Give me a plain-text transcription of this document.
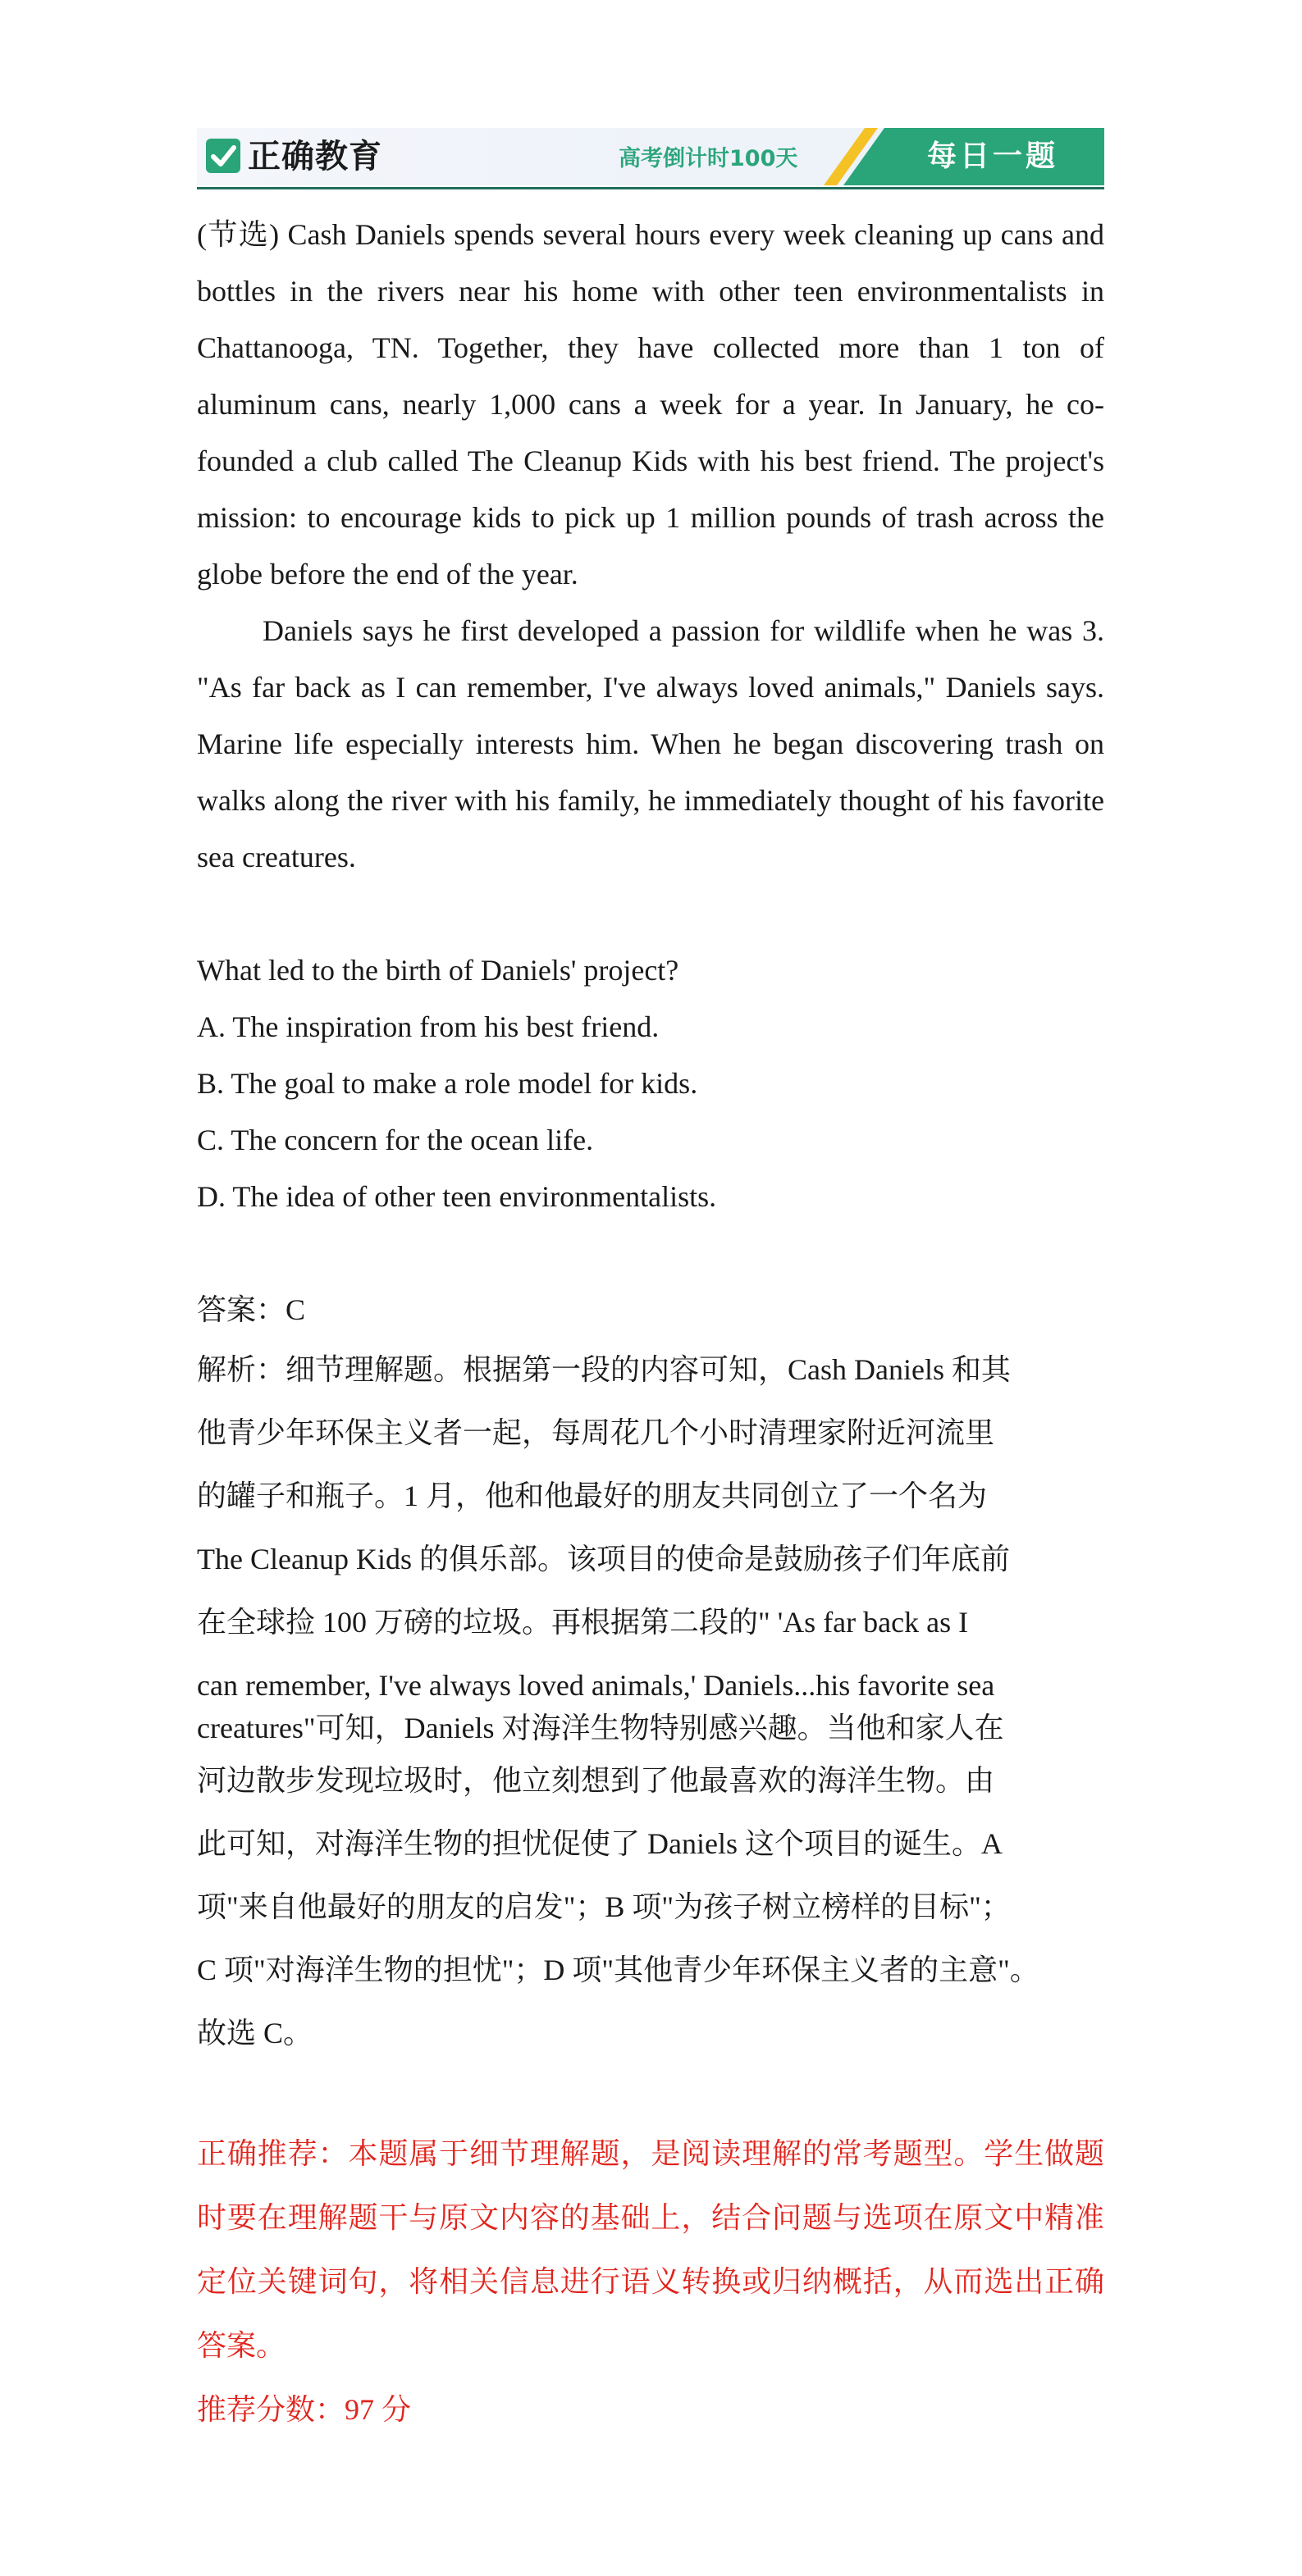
正确教育	高考倒计时100天	每日一题

(节选) Cash Daniels spends several hours every week cleaning up cans and bottles in the rivers near his home with other teen environmentalists in Chattanooga, TN. Together, they have collected more than 1 ton of aluminum cans, nearly 1,000 cans a week for a year. In January, he co-founded a club called The Cleanup Kids with his best friend. The project's mission: to encourage kids to pick up 1 million pounds of trash across the globe before the end of the year.

Daniels says he first developed a passion for wildlife when he was 3. "As far back as I can remember, I've always loved animals," Daniels says. Marine life especially interests him. When he began discovering trash on walks along the river with his family, he immediately thought of his favorite sea creatures.

What led to the birth of Daniels' project?
A. The inspiration from his best friend.
B. The goal to make a role model for kids.
C. The concern for the ocean life.
D. The idea of other teen environmentalists.
答案：C
解析：细节理解题。根据第一段的内容可知，Cash Daniels 和其
他青少年环保主义者一起，每周花几个小时清理家附近河流里
的罐子和瓶子。1 月，他和他最好的朋友共同创立了一个名为
The Cleanup Kids 的俱乐部。该项目的使命是鼓励孩子们年底前
在全球捡 100 万磅的垃圾。再根据第二段的" 'As far back as I
can remember, I've always loved animals,' Daniels...his favorite sea
creatures"可知，Daniels 对海洋生物特别感兴趣。当他和家人在
河边散步发现垃圾时，他立刻想到了他最喜欢的海洋生物。由
此可知，对海洋生物的担忧促使了 Daniels 这个项目的诞生。A
项"来自他最好的朋友的启发"；B 项"为孩子树立榜样的目标"；
C 项"对海洋生物的担忧"；D 项"其他青少年环保主义者的主意"。
故选 C。
正确推荐：本题属于细节理解题，是阅读理解的常考题型。学生做题时要在理解题干与原文内容的基础上，结合问题与选项在原文中精准定位关键词句，将相关信息进行语义转换或归纳概括，从而选出正确答案。
推荐分数：97 分
